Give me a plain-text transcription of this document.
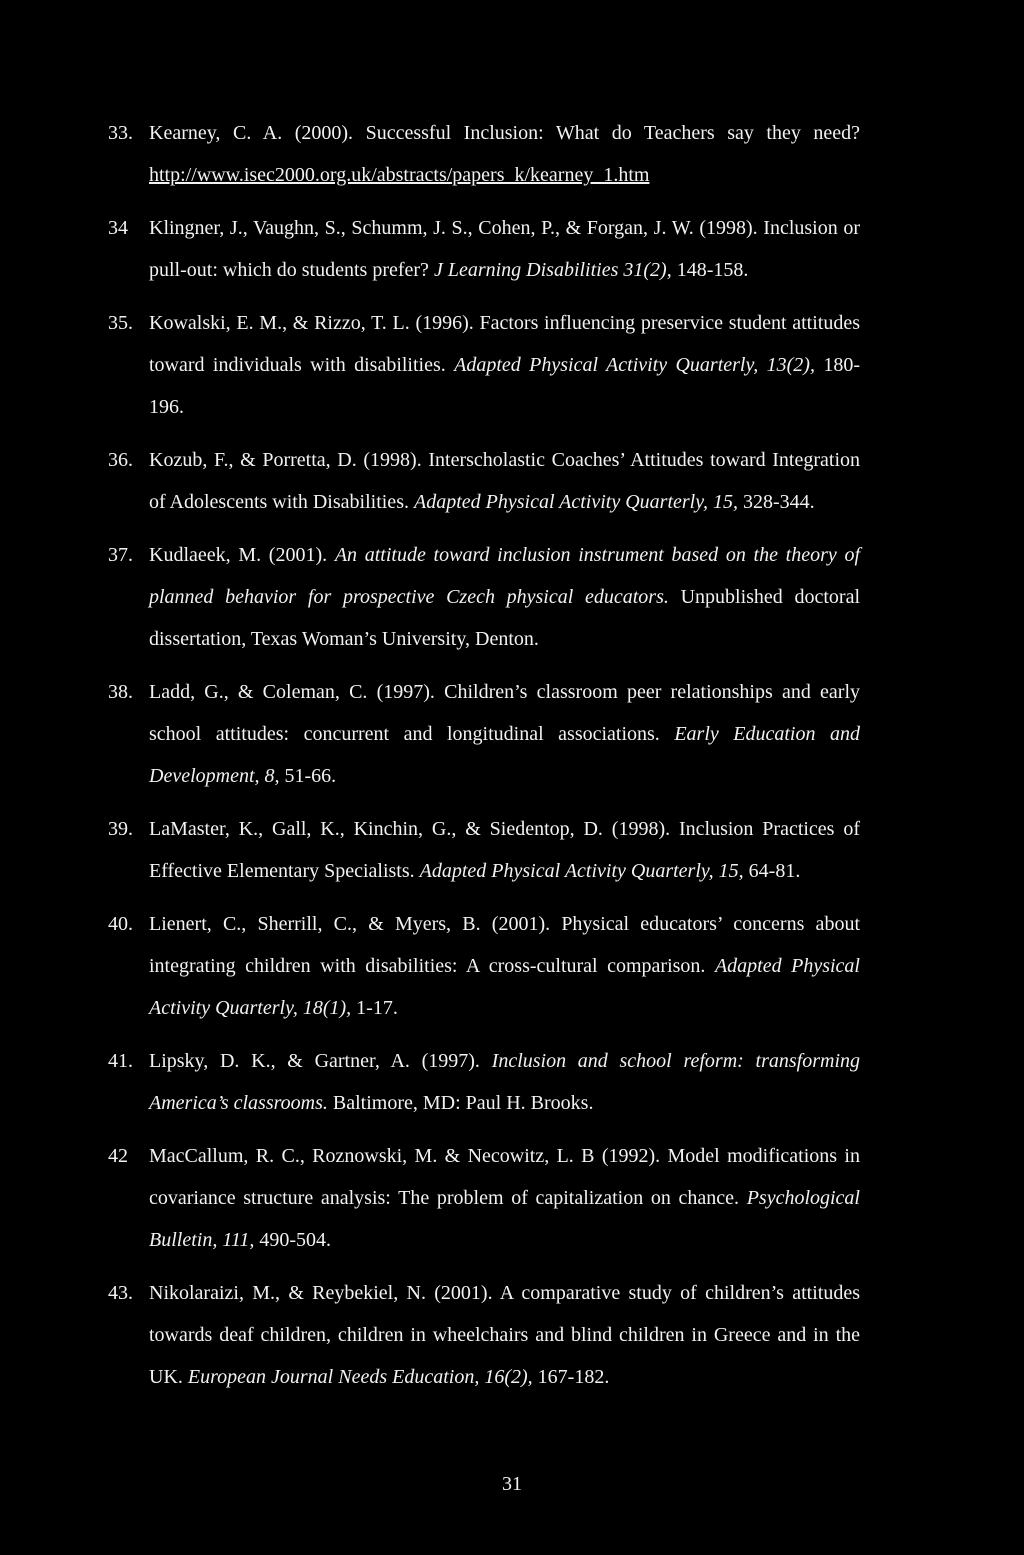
33. Kearney, C. A. (2000). Successful Inclusion: What do Teachers say they need? http://www.isec2000.org.uk/abstracts/papers_k/kearney_1.htm

34 Klingner, J., Vaughn, S., Schumm, J. S., Cohen, P., & Forgan, J. W. (1998). Inclusion or pull-out: which do students prefer? J Learning Disabilities 31(2), 148-158.

35. Kowalski, E. M., & Rizzo, T. L. (1996). Factors influencing preservice student attitudes toward individuals with disabilities. Adapted Physical Activity Quarterly, 13(2), 180-196.

36. Kozub, F., & Porretta, D. (1998). Interscholastic Coaches’ Attitudes toward Integration of Adolescents with Disabilities. Adapted Physical Activity Quarterly, 15, 328-344.

37. Kudlaeek, M. (2001). An attitude toward inclusion instrument based on the theory of planned behavior for prospective Czech physical educators. Unpublished doctoral dissertation, Texas Woman’s University, Denton.

38. Ladd, G., & Coleman, C. (1997). Children’s classroom peer relationships and early school attitudes: concurrent and longitudinal associations. Early Education and Development, 8, 51-66.

39. LaMaster, K., Gall, K., Kinchin, G., & Siedentop, D. (1998). Inclusion Practices of Effective Elementary Specialists. Adapted Physical Activity Quarterly, 15, 64-81.

40. Lienert, C., Sherrill, C., & Myers, B. (2001). Physical educators’ concerns about integrating children with disabilities: A cross-cultural comparison. Adapted Physical Activity Quarterly, 18(1), 1-17.

41. Lipsky, D. K., & Gartner, A. (1997). Inclusion and school reform: transforming America’s classrooms. Baltimore, MD: Paul H. Brooks.

42 MacCallum, R. C., Roznowski, M. & Necowitz, L. B (1992). Model modifications in covariance structure analysis: The problem of capitalization on chance. Psychological Bulletin, 111, 490-504.

43. Nikolaraizi, M., & Reybekiel, N. (2001). A comparative study of children’s attitudes towards deaf children, children in wheelchairs and blind children in Greece and in the UK. European Journal Needs Education, 16(2), 167-182.

31
